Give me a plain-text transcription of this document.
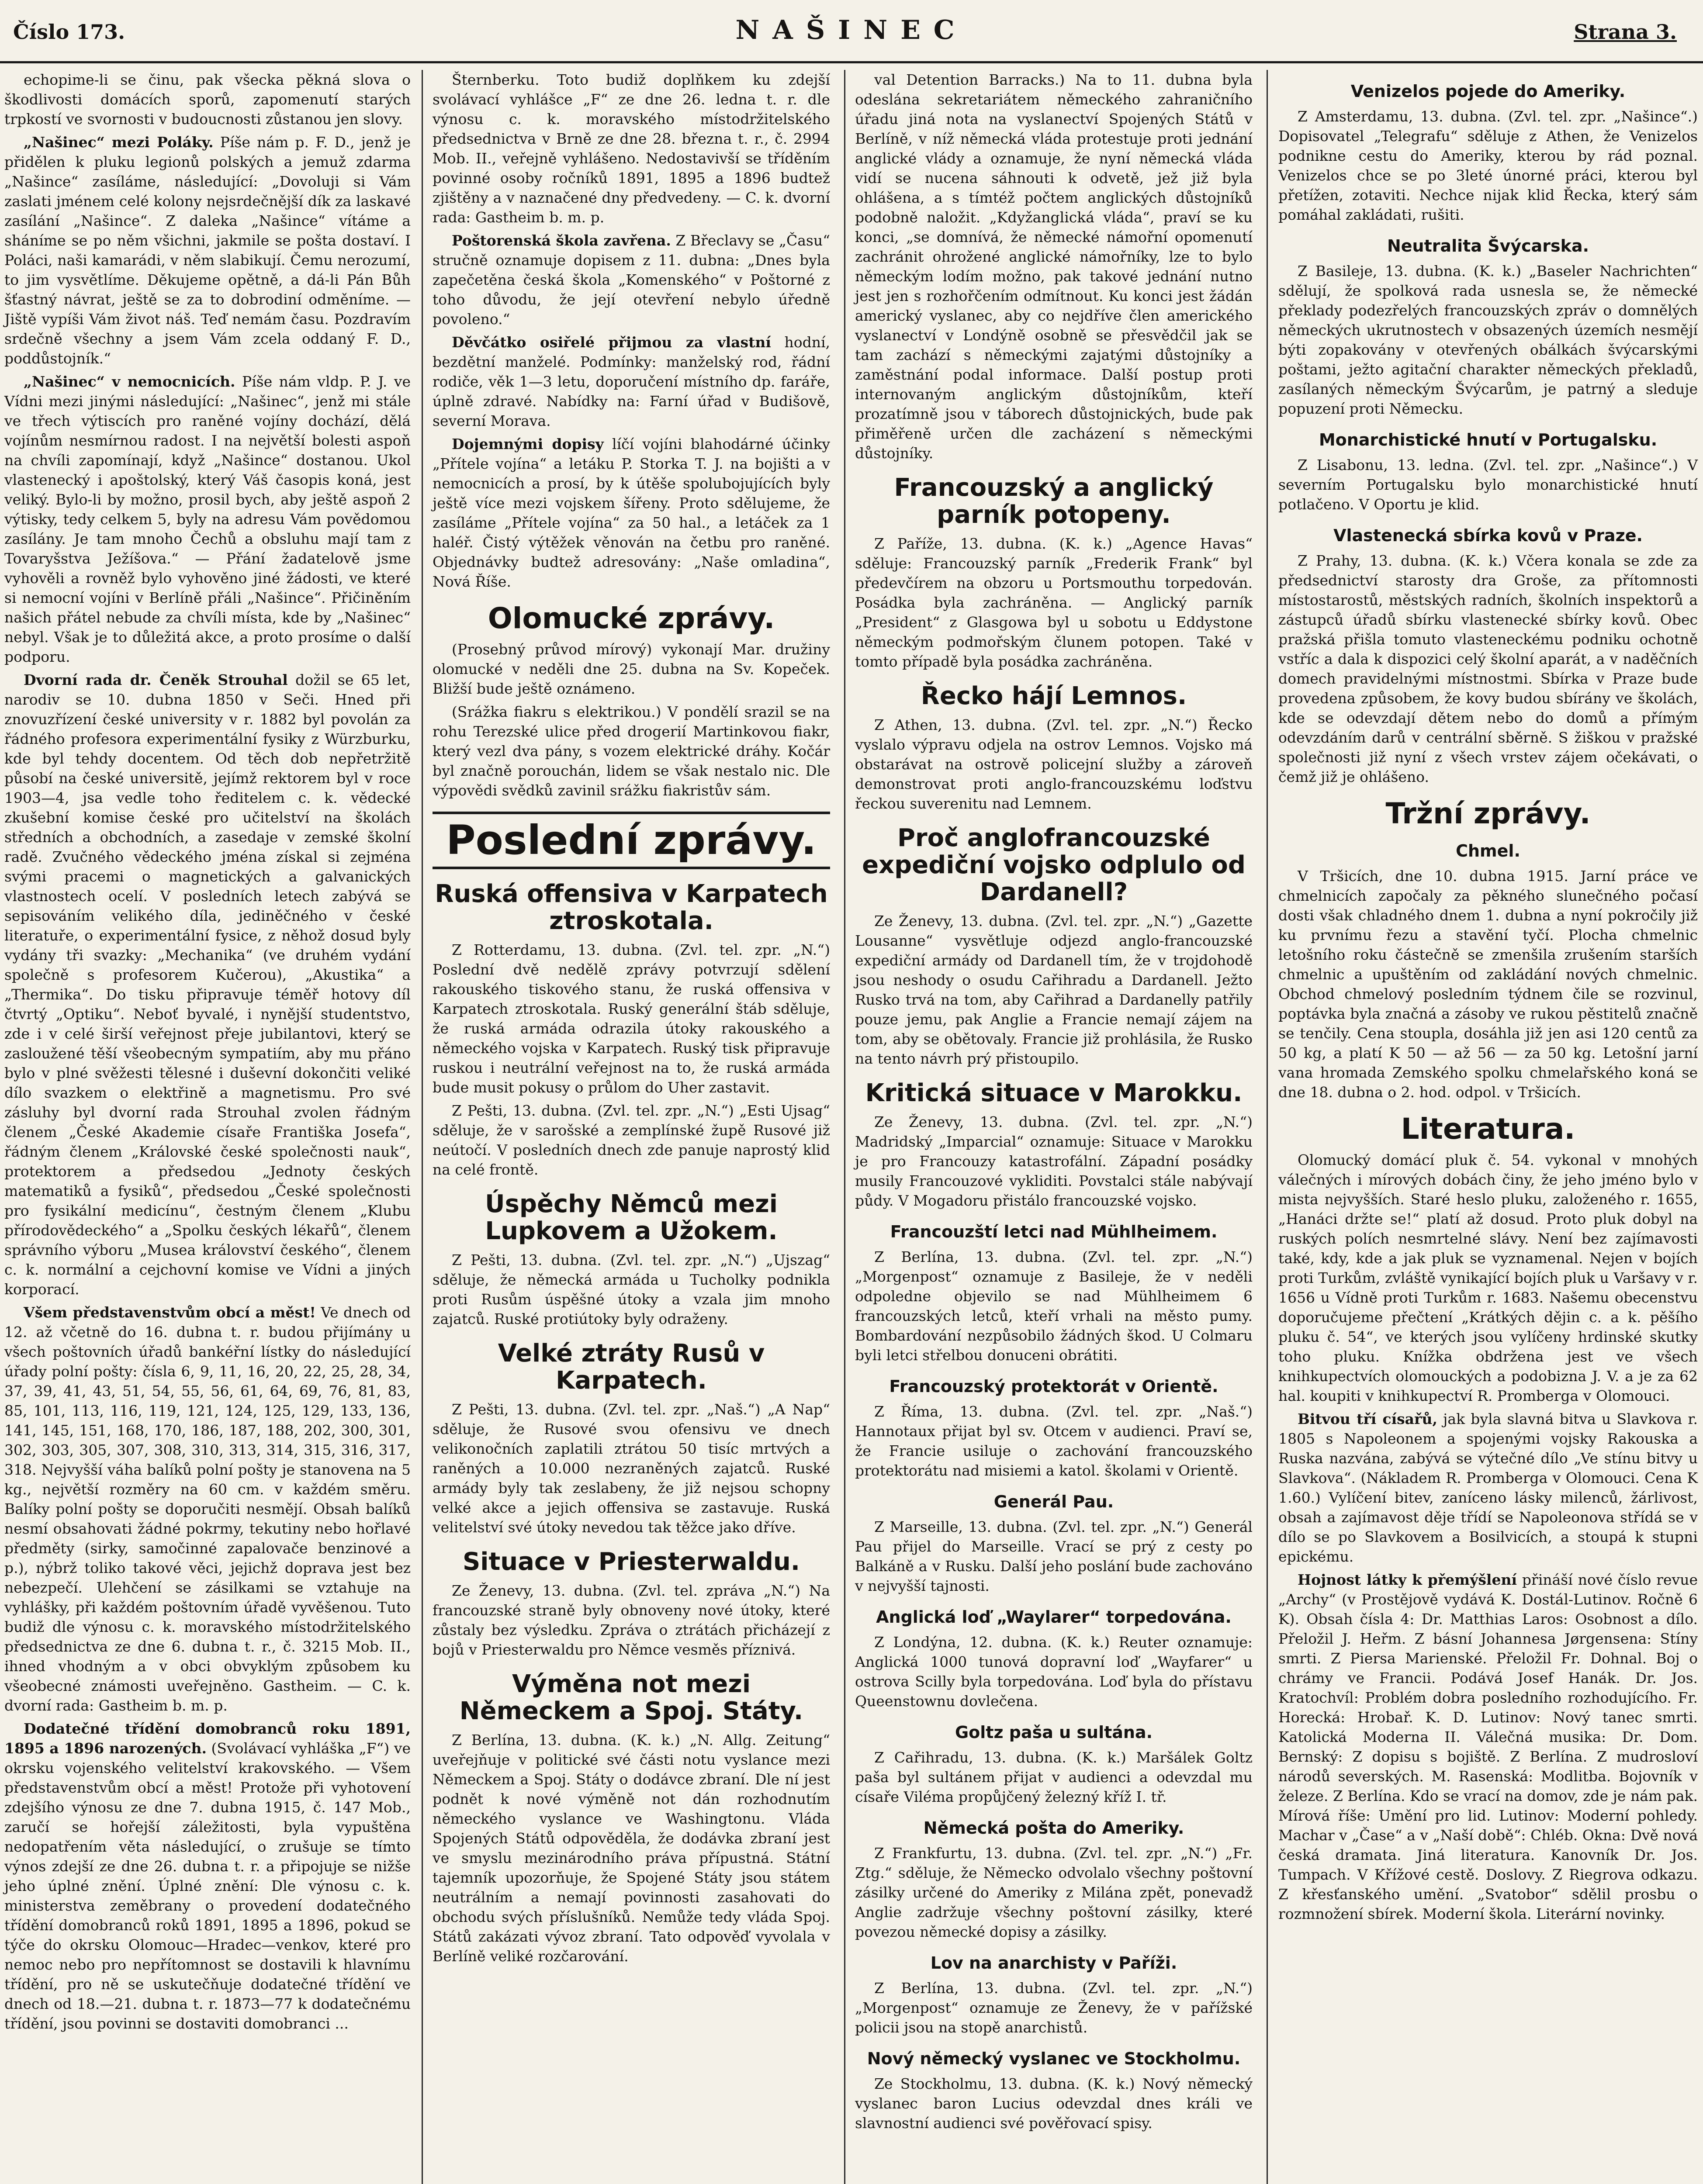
Číslo 173.	NAŠINEC	Strana 3.

echopime-li se činu, pak všecka pěkná slova o škodlivosti domácích sporů, zapomenutí starých trpkostí ve svornosti v budoucnosti zůstanou jen slovy.

„Našinec“ mezi Poláky. Píše nám p. F. D., jenž je přidělen k pluku legionů polských a jemuž zdarma „Našince“ zasíláme, následující: „Dovoluji si Vám zaslati jménem celé kolony nejsrdečnější dík za laskavé zasílání „Našince“. Z daleka „Našince“ vítáme a sháníme se po něm všichni, jakmile se pošta dostaví. I Poláci, naši kamarádi, v něm slabikují. Čemu nerozumí, to jim vysvětlíme. Děkujeme opětně, a dá-li Pán Bůh šťastný návrat, ještě se za to dobrodiní odměníme. — Jiště vypíši Vám život náš. Teď nemám času. Pozdravím srdečně všechny a jsem Vám zcela oddaný F. D., poddůstojník.“

„Našinec“ v nemocnicích. Píše nám vldp. P. J. ve Vídni mezi jinými následující: „Našinec“, jenž mi stále ve třech výtiscích pro raněné vojíny dochází, dělá vojínům nesmírnou radost. I na největší bolesti aspoň na chvíli zapomínají, když „Našince“ dostanou. Ukol vlastenecký i apoštolský, který Váš časopis koná, jest veliký. Bylo-li by možno, prosil bych, aby ještě aspoň 2 výtisky, tedy celkem 5, byly na adresu Vám povědomou zasílány. Je tam mnoho Čechů a obsluhu mají tam z Tovaryšstva Ježíšova.“ — Přání žadatelově jsme vyhověli a rovněž bylo vyhověno jiné žádosti, ve které si nemocní vojíni v Berlíně přáli „Našince“. Přičiněním našich přátel nebude za chvíli místa, kde by „Našinec“ nebyl. Však je to důležitá akce, a proto prosíme o další podporu.

Dvorní rada dr. Čeněk Strouhal dožil se 65 let, narodiv se 10. dubna 1850 v Seči. Hned při znovuzřízení české university v r. 1882 byl povolán za řádného profesora experimentální fysiky z Würzburku, kde byl tehdy docentem. Od těch dob nepřetržitě působí na české universitě, jejímž rektorem byl v roce 1903—4, jsa vedle toho ředitelem c. k. vědecké zkušební komise české pro učitelství na školách středních a obchodních, a zasedaje v zemské školní radě. Zvučného vědeckého jména získal si zejména svými pracemi o magnetických a galvanických vlastnostech ocelí. V posledních letech zabývá se sepisováním velikého díla, jediněčného v české literatuře, o experimentální fysice, z něhož dosud byly vydány tři svazky: „Mechanika“ (ve druhém vydání společně s profesorem Kučerou), „Akustika“ a „Thermika“. Do tisku připravuje téměř hotovy díl čtvrtý „Optiku“. Neboť byvalé, i nynější studentstvo, zde i v celé širší veřejnost přeje jubilantovi, který se zasloužené těší všeobecným sympatiím, aby mu přáno bylo v plné svěžesti tělesné i duševní dokončiti veliké dílo svazkem o elektřině a magnetismu. Pro své zásluhy byl dvorní rada Strouhal zvolen řádným členem „České Akademie císaře Františka Josefa“, řádným členem „Královské české společnosti nauk“, protektorem a předsedou „Jednoty českých matematiků a fysiků“, předsedou „České společnosti pro fysikální medicínu“, čestným členem „Klubu přírodovědeckého“ a „Spolku českých lékařů“, členem správního výboru „Musea království českého“, členem c. k. normální a cejchovní komise ve Vídni a jiných korporací.

Všem představenstvům obcí a měst! Ve dnech od 12. až včetně do 16. dubna t. r. budou přijímány u všech poštovních úřadů bankéřní lístky do následující úřady polní pošty: čísla 6, 9, 11, 16, 20, 22, 25, 28, 34, 37, 39, 41, 43, 51, 54, 55, 56, 61, 64, 69, 76, 81, 83, 85, 101, 113, 116, 119, 121, 124, 125, 129, 133, 136, 141, 145, 151, 168, 170, 186, 187, 188, 202, 300, 301, 302, 303, 305, 307, 308, 310, 313, 314, 315, 316, 317, 318. Nejvyšší váha balíků polní pošty je stanovena na 5 kg., největší rozměry na 60 cm. v každém směru. Balíky polní pošty se doporučiti nesmějí. Obsah balíků nesmí obsahovati žádné pokrmy, tekutiny nebo hořlavé předměty (sirky, samočinné zapalovače benzinové a p.), nýbrž toliko takové věci, jejichž doprava jest bez nebezpečí. Ulehčení se zásilkami se vztahuje na vyhlášky, při každém poštovním úřadě vyvěšenou. Tuto budiž dle výnosu c. k. moravského místodržitelského předsednictva ze dne 6. dubna t. r., č. 3215 Mob. II., ihned vhodným a v obci obvyklým způsobem ku všeobecné známosti uveřejněno. Gastheim. — C. k. dvorní rada: Gastheim b. m. p.

Dodatečné třídění domobranců roku 1891, 1895 a 1896 narozených. (Svolávací vyhláška „F“) ve okrsku vojenského velitelství krakovského. — Všem představenstvům obcí a měst! Protože při vyhotovení zdejšího výnosu ze dne 7. dubna 1915, č. 147 Mob., zaručí se hořejší záležitosti, byla vypuštěna nedopatřením věta následující, o zrušuje se tímto výnos zdejší ze dne 26. dubna t. r. a připojuje se nižše jeho úplné znění. Úplné znění: Dle výnosu c. k. ministerstva zeměbrany o provedení dodatečného třídění domobranců roků 1891, 1895 a 1896, pokud se týče do okrsku Olomouc—Hradec—venkov, které pro nemoc nebo pro nepřítomnost se dostavili k hlavnímu třídění, pro ně se uskutečňuje dodatečné třídění ve dnech od 18.—21. dubna t. r. 1873—77 k dodatečnému třídění, jsou povinni se dostaviti domobranci ...

Šternberku. Toto budiž doplňkem ku zdejší svolávací vyhlášce „F“ ze dne 26. ledna t. r. dle výnosu c. k. moravského místodržitelského předsednictva v Brně ze dne 28. března t. r., č. 2994 Mob. II., veřejně vyhlášeno. Nedostavivší se tříděním povinné osoby ročníků 1891, 1895 a 1896 budtež zjištěny a v naznačené dny předvedeny. — C. k. dvorní rada: Gastheim b. m. p.

Poštorenská škola zavřena. Z Břeclavy se „Času“ stručně oznamuje dopisem z 11. dubna: „Dnes byla zapečetěna česká škola „Komenského“ v Poštorné z toho důvodu, že její otevření nebylo úředně povoleno.“

Děvčátko osiřelé přijmou za vlastní hodní, bezdětní manželé. Podmínky: manželský rod, řádní rodiče, věk 1—3 letu, doporučení místního dp. faráře, úplně zdravé. Nabídky na: Farní úřad v Budišově, severní Morava.

Dojemnými dopisy líčí vojíni blahodárné účinky „Přítele vojína“ a letáku P. Storka T. J. na bojišti a v nemocnicích a prosí, by k útěše spolubojujících byly ještě více mezi vojskem šířeny. Proto sdělujeme, že zasíláme „Přítele vojína“ za 50 hal., a letáček za 1 haléř. Čistý výtěžek věnován na četbu pro raněné. Objednávky budtež adresovány: „Naše omladina“, Nová Říše.

Olomucké zprávy.

(Prosebný průvod mírový) vykonají Mar. družiny olomucké v neděli dne 25. dubna na Sv. Kopeček. Bližší bude ještě oznámeno.

(Srážka fiakru s elektrikou.) V pondělí srazil se na rohu Terezské ulice před drogerií Martinkovou fiakr, který vezl dva pány, s vozem elektrické dráhy. Kočár byl značně porouchán, lidem se však nestalo nic. Dle výpovědi svědků zavinil srážku fiakristův sám.

Poslední zprávy.
Ruská offensiva v Karpatech ztroskotala.

Z Rotterdamu, 13. dubna. (Zvl. tel. zpr. „N.“) Poslední dvě nedělě zprávy potvrzují sdělení rakouského tiskového stanu, že ruská offensiva v Karpatech ztroskotala. Ruský generální štáb sděluje, že ruská armáda odrazila útoky rakouského a německého vojska v Karpatech. Ruský tisk připravuje ruskou i neutrální veřejnost na to, že ruská armáda bude musit pokusy o průlom do Uher zastavit.

Z Pešti, 13. dubna. (Zvl. tel. zpr. „N.“) „Esti Ujsag“ sděluje, že v sarošské a zemplínské župě Rusové již neútočí. V posledních dnech zde panuje naprostý klid na celé frontě.

Úspěchy Němců mezi Lupkovem a Užokem.

Z Pešti, 13. dubna. (Zvl. tel. zpr. „N.“) „Ujszag“ sděluje, že německá armáda u Tucholky podnikla proti Rusům úspěšné útoky a vzala jim mnoho zajatců. Ruské protiútoky byly odraženy.

Velké ztráty Rusů v Karpatech.

Z Pešti, 13. dubna. (Zvl. tel. zpr. „Naš.“) „A Nap“ sděluje, že Rusové svou ofensivu ve dnech velikonočních zaplatili ztrátou 50 tisíc mrtvých a raněných a 10.000 nezraněných zajatců. Ruské armády byly tak zeslabeny, že již nejsou schopny velké akce a jejich offensiva se zastavuje. Ruská velitelství své útoky nevedou tak těžce jako dříve.

Situace v Priesterwaldu.

Ze Ženevy, 13. dubna. (Zvl. tel. zpráva „N.“) Na francouzské straně byly obnoveny nové útoky, které zůstaly bez výsledku. Zpráva o ztrátách přicházejí z bojů v Priesterwaldu pro Němce vesměs příznivá.

Výměna not mezi Německem a Spoj. Státy.

Z Berlína, 13. dubna. (K. k.) „N. Allg. Zeitung“ uveřejňuje v politické své části notu vyslance mezi Německem a Spoj. Státy o dodávce zbraní. Dle ní jest podnět k nové výměně not dán rozhodnutím německého vyslance ve Washingtonu. Vláda Spojených Států odpověděla, že dodávka zbraní jest ve smyslu mezinárodního práva přípustná. Státní tajemník upozorňuje, že Spojené Státy jsou státem neutrálním a nemají povinnosti zasahovati do obchodu svých příslušníků. Nemůže tedy vláda Spoj. Států zakázati vývoz zbraní. Tato odpověď vyvolala v Berlíně veliké rozčarování.

val Detention Barracks.) Na to 11. dubna byla odeslána sekretariátem německého zahraničního úřadu jiná nota na vyslanectví Spojených Států v Berlíně, v níž německá vláda protestuje proti jednání anglické vlády a oznamuje, že nyní německá vláda vidí se nucena sáhnouti k odvetě, jež již byla ohlášena, a s tímtéž počtem anglických důstojníků podobně naložit. „Kdyžanglická vláda“, praví se ku konci, „se domnívá, že německé námořní opomenutí zachránit ohrožené anglické námořníky, lze to bylo německým lodím možno, pak takové jednání nutno jest jen s rozhořčením odmítnout. Ku konci jest žádán americký vyslanec, aby co nejdříve člen amerického vyslanectví v Londýně osobně se přesvědčil jak se tam zachází s německými zajatými důstojníky a zaměstnání podal informace. Další postup proti internovaným anglickým důstojníkům, kteří prozatímně jsou v táborech důstojnických, bude pak přiměřeně určen dle zacházení s německými důstojníky.

Francouzský a anglický parník potopeny.

Z Paříže, 13. dubna. (K. k.) „Agence Havas“ sděluje: Francouzský parník „Frederik Frank“ byl předevčírem na obzoru u Portsmouthu torpedován. Posádka byla zachráněna. — Anglický parník „President“ z Glasgowa byl u sobotu u Eddystone německým podmořským člunem potopen. Také v tomto případě byla posádka zachráněna.

Řecko hájí Lemnos.

Z Athen, 13. dubna. (Zvl. tel. zpr. „N.“) Řecko vyslalo výpravu odjela na ostrov Lemnos. Vojsko má obstarávat na ostrově policejní služby a zároveň demonstrovat proti anglo-francouzskému loďstvu řeckou suverenitu nad Lemnem.

Proč anglofrancouzské expediční vojsko odplulo od Dardanell?

Ze Ženevy, 13. dubna. (Zvl. tel. zpr. „N.“) „Gazette Lousanne“ vysvětluje odjezd anglo-francouzské expediční armády od Dardanell tím, že v trojdohodě jsou neshody o osudu Cařihradu a Dardanell. Ježto Rusko trvá na tom, aby Cařihrad a Dardanelly patřily pouze jemu, pak Anglie a Francie nemají zájem na tom, aby se obětovaly. Francie již prohlásila, že Rusko na tento návrh prý přistoupilo.

Kritická situace v Marokku.

Ze Ženevy, 13. dubna. (Zvl. tel. zpr. „N.“) Madridský „Imparcial“ oznamuje: Situace v Marokku je pro Francouzy katastrofální. Západní posádky musily Francouzové vykliditi. Povstalci stále nabývají půdy. V Mogadoru přistálo francouzské vojsko.

Francouzští letci nad Mühlheimem.

Z Berlína, 13. dubna. (Zvl. tel. zpr. „N.“) „Morgenpost“ oznamuje z Basileje, že v neděli odpoledne objevilo se nad Mühlheimem 6 francouzských letců, kteří vrhali na město pumy. Bombardování nezpůsobilo žádných škod. U Colmaru byli letci střelbou donuceni obrátiti.

Francouzský protektorát v Orientě.

Z Říma, 13. dubna. (Zvl. tel. zpr. „Naš.“) Hannotaux přijat byl sv. Otcem v audienci. Praví se, že Francie usiluje o zachování francouzského protektorátu nad misiemi a katol. školami v Orientě.

Generál Pau.

Z Marseille, 13. dubna. (Zvl. tel. zpr. „N.“) Generál Pau přijel do Marseille. Vrací se prý z cesty po Balkáně a v Rusku. Další jeho poslání bude zachováno v nejvyšší tajnosti.

Anglická loď „Waylarer“ torpedována.

Z Londýna, 12. dubna. (K. k.) Reuter oznamuje: Anglická 1000 tunová dopravní loď „Wayfarer“ u ostrova Scilly byla torpedována. Loď byla do přístavu Queenstownu dovlečena.

Goltz paša u sultána.

Z Cařihradu, 13. dubna. (K. k.) Maršálek Goltz paša byl sultánem přijat v audienci a odevzdal mu císaře Viléma propůjčený železný kříž I. tř.

Německá pošta do Ameriky.

Z Frankfurtu, 13. dubna. (Zvl. tel. zpr. „N.“) „Fr. Ztg.“ sděluje, že Německo odvolalo všechny poštovní zásilky určené do Ameriky z Milána zpět, ponevadž Anglie zadržuje všechny poštovní zásilky, které povezou německé dopisy a zásilky.

Lov na anarchisty v Paříži.

Z Berlína, 13. dubna. (Zvl. tel. zpr. „N.“) „Morgenpost“ oznamuje ze Ženevy, že v pařížské policii jsou na stopě anarchistů.

Nový německý vyslanec ve Stockholmu.

Ze Stockholmu, 13. dubna. (K. k.) Nový německý vyslanec baron Lucius odevzdal dnes králi ve slavnostní audienci své pověřovací spisy.

Venizelos pojede do Ameriky.

Z Amsterdamu, 13. dubna. (Zvl. tel. zpr. „Našince“.) Dopisovatel „Telegrafu“ sděluje z Athen, že Venizelos podnikne cestu do Ameriky, kterou by rád poznal. Venizelos chce se po 3leté únorné práci, kterou byl přetížen, zotaviti. Nechce nijak klid Řecka, který sám pomáhal zakládati, rušiti.

Neutralita Švýcarska.

Z Basileje, 13. dubna. (K. k.) „Baseler Nachrichten“ sdělují, že spolková rada usnesla se, že německé překlady podezřelých francouzských zpráv o domnělých německých ukrutnostech v obsazených územích nesmějí býti zopakovány v otevřených obálkách švýcarskými poštami, ježto agitační charakter německých překladů, zasílaných německým Švýcarům, je patrný a sleduje popuzení proti Německu.

Monarchistické hnutí v Portugalsku.

Z Lisabonu, 13. ledna. (Zvl. tel. zpr. „Našince“.) V severním Portugalsku bylo monarchistické hnutí potlačeno. V Oportu je klid.

Vlastenecká sbírka kovů v Praze.

Z Prahy, 13. dubna. (K. k.) Včera konala se zde za předsednictví starosty dra Groše, za přítomnosti místostarostů, městských radních, školních inspektorů a zástupců úřadů sbírku vlastenecké sbírky kovů. Obec pražská přišla tomuto vlasteneckému podniku ochotně vstříc a dala k dispozici celý školní aparát, a v naděčních domech pravidelnými místnostmi. Sbírka v Praze bude provedena způsobem, že kovy budou sbírány ve školách, kde se odevzdají dětem nebo do domů a přímým odevzdáním darů v centrální sběrně. S žiškou v pražské společnosti již nyní z všech vrstev zájem očekávati, o čemž již je ohlášeno.

Tržní zprávy.
Chmel.

V Tršicích, dne 10. dubna 1915. Jarní práce ve chmelnicích započaly za pěkného slunečného počasí dosti však chladného dnem 1. dubna a nyní pokročily již ku prvnímu řezu a stavění tyčí. Plocha chmelnic letošního roku částečně se zmenšila zrušením starších chmelnic a upuštěním od zakládání nových chmelnic. Obchod chmelový posledním týdnem čile se rozvinul, poptávka byla značná a zásoby ve rukou pěstitelů značně se tenčily. Cena stoupla, dosáhla již jen asi 120 centů za 50 kg, a platí K 50 — až 56 — za 50 kg. Letošní jarní vana hromada Zemského spolku chmelařského koná se dne 18. dubna o 2. hod. odpol. v Tršicích.

Literatura.

Olomucký domácí pluk č. 54. vykonal v mnohých válečných i mírových dobách činy, že jeho jméno bylo v mista nejvyšších. Staré heslo pluku, založeného r. 1655, „Hanáci držte se!“ platí až dosud. Proto pluk dobyl na ruských polích nesmrtelné slávy. Není bez zajímavosti také, kdy, kde a jak pluk se vyznamenal. Nejen v bojích proti Turkům, zvláště vynikající bojích pluk u Varšavy v r. 1656 u Vídně proti Turkům r. 1683. Našemu obecenstvu doporučujeme přečtení „Krátkých dějin c. a k. pěšího pluku č. 54“, ve kterých jsou vylíčeny hrdinské skutky toho pluku. Knížka obdržena jest ve všech knihkupectvích olomouckých a podobizna J. V. a je za 62 hal. koupiti v knihkupectví R. Promberga v Olomouci.

Bitvou tří císařů, jak byla slavná bitva u Slavkova r. 1805 s Napoleonem a spojenými vojsky Rakouska a Ruska nazvána, zabývá se výtečné dílo „Ve stínu bitvy u Slavkova“. (Nákladem R. Promberga v Olomouci. Cena K 1.60.) Vylíčení bitev, zaníceno lásky milenců, žárlivost, obsah a zajímavost děje třídí se Napoleonova střídá se v dílo se po Slavkovem a Bosilvicích, a stoupá k stupni epickému.

Hojnost látky k přemýšlení přináší nové číslo revue „Archy“ (v Prostějově vydává K. Dostál-Lutinov. Ročně 6 K). Obsah čísla 4: Dr. Matthias Laros: Osobnost a dílo. Přeložil J. Heřm. Z básní Johannesa Jørgensena: Stíny smrti. Z Piersa Marienské. Přeložil Fr. Dohnal. Boj o chrámy ve Francii. Podává Josef Hanák. Dr. Jos. Kratochvíl: Problém dobra posledního rozhodujícího. Fr. Horecká: Hrobař. K. D. Lutinov: Nový tanec smrti. Katolická Moderna II. Válečná musika: Dr. Dom. Bernský: Z dopisu s bojiště. Z Berlína. Z mudrosloví národů severských. M. Rasenská: Modlitba. Bojovník v železe. Z Berlína. Kdo se vrací na domov, zde je nám pak. Mírová říše: Umění pro lid. Lutinov: Moderní pohledy. Machar v „Čase“ a v „Naší době“: Chléb. Okna: Dvě nová česká dramata. Jiná literatura. Kanovník Dr. Jos. Tumpach. V Křížové cestě. Doslovy. Z Riegrova odkazu. Z křesťanského umění. „Svatobor“ sdělil prosbu o rozmnožení sbírek. Moderní škola. Literární novinky.
